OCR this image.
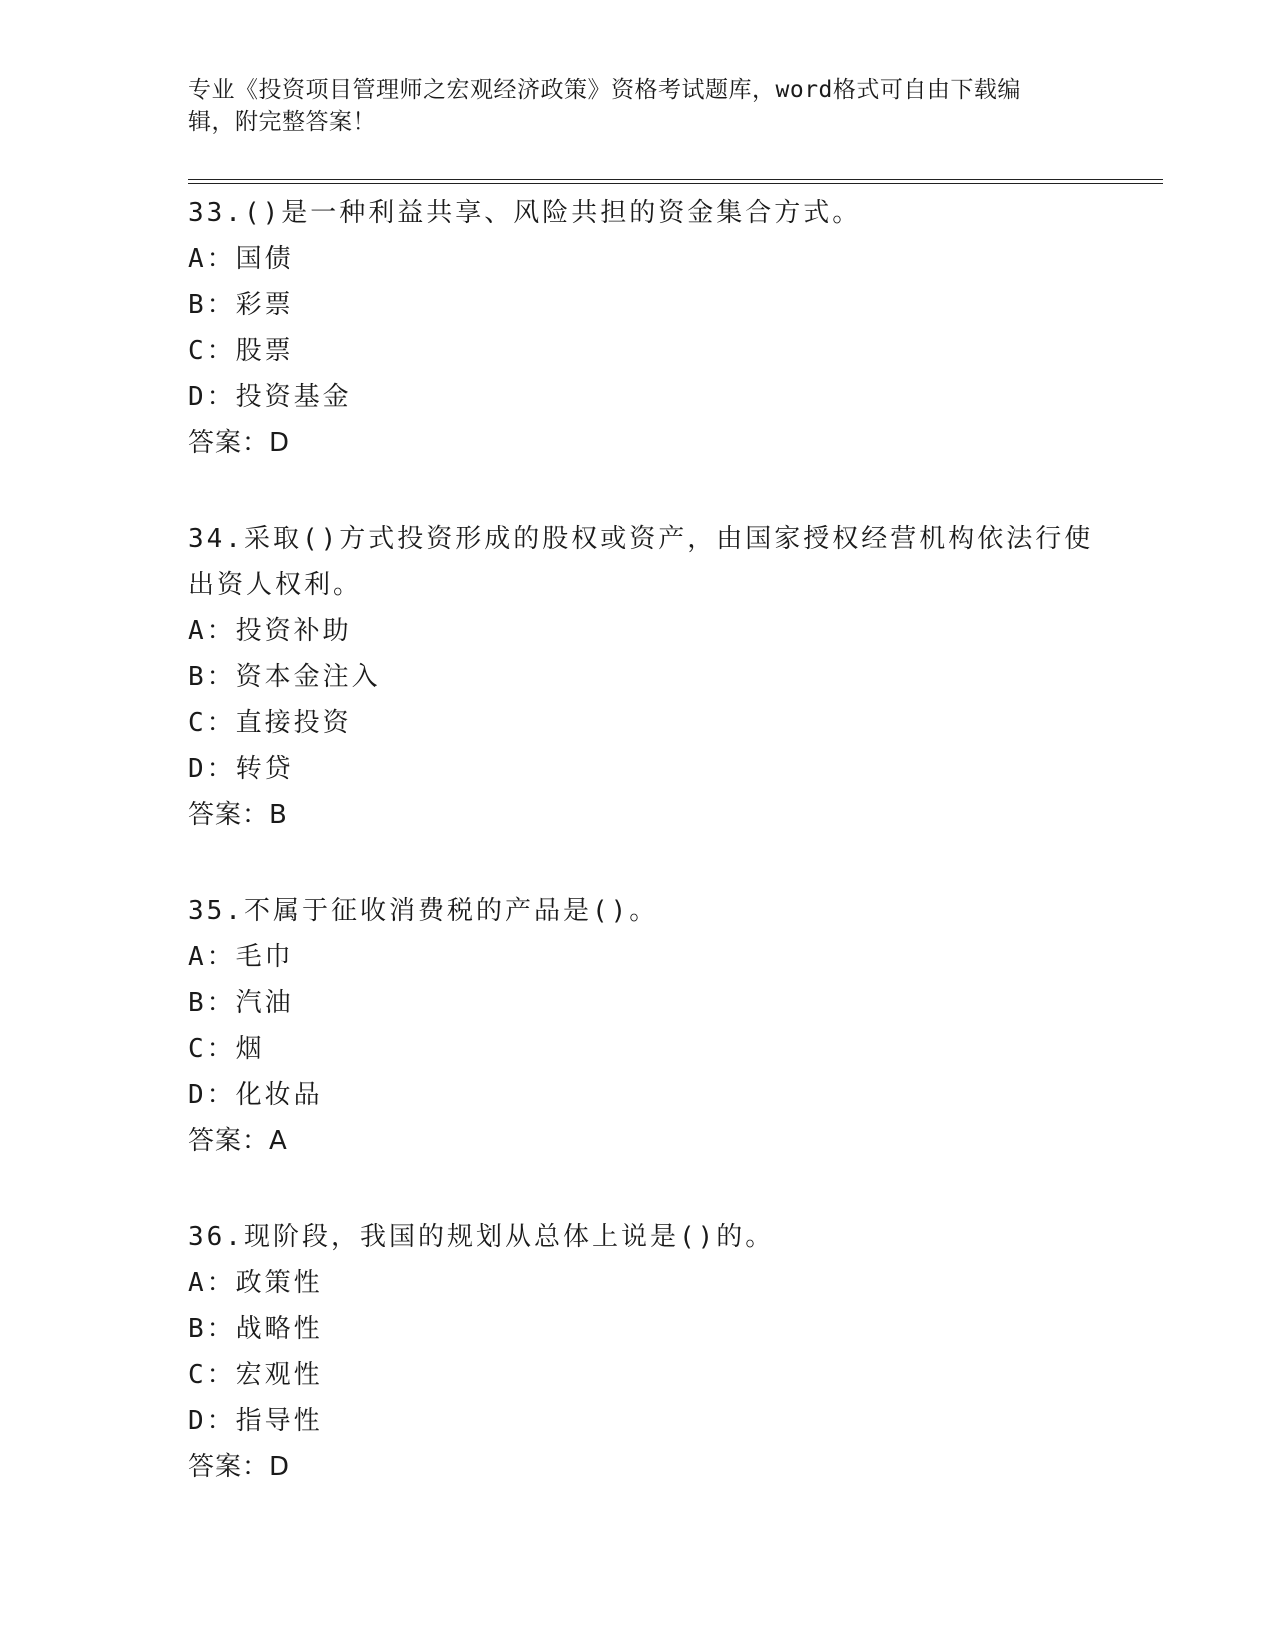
专业《投资项目管理师之宏观经济政策》资格考试题库，word格式可自由下载编
辑，附完整答案！
33.()是一种利益共享、风险共担的资金集合方式。
A：国债
B：彩票
C：股票
D：投资基金
答案：D
34.采取()方式投资形成的股权或资产，由国家授权经营机构依法行使
出资人权利。
A：投资补助
B：资本金注入
C：直接投资
D：转贷
答案：B
35.不属于征收消费税的产品是()。
A：毛巾
B：汽油
C：烟
D：化妆品
答案：A
36.现阶段，我国的规划从总体上说是()的。
A：政策性
B：战略性
C：宏观性
D：指导性
答案：D
